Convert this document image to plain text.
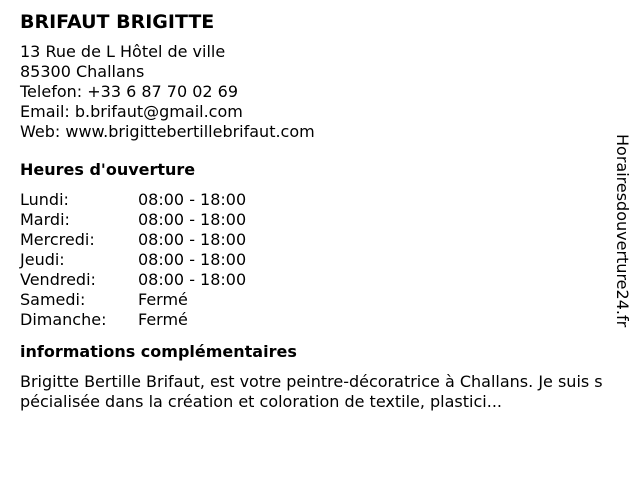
BRIFAUT BRIGITTE
13 Rue de L Hôtel de ville
85300 Challans
Telefon: +33 6 87 70 02 69
Email: b.brifaut@gmail.com
Web: www.brigittebertillebrifaut.com
Heures d'ouverture
Lundi:	08:00 - 18:00
Mardi:	08:00 - 18:00
Mercredi:	08:00 - 18:00
Jeudi:	08:00 - 18:00
Vendredi:	08:00 - 18:00
Samedi:	Fermé
Dimanche:	Fermé
informations complémentaires
Brigitte Bertille Brifaut, est votre peintre-décoratrice à Challans. Je suis spécialisée dans la création et coloration de textile, plastici...
Horairesdouverture24.fr
